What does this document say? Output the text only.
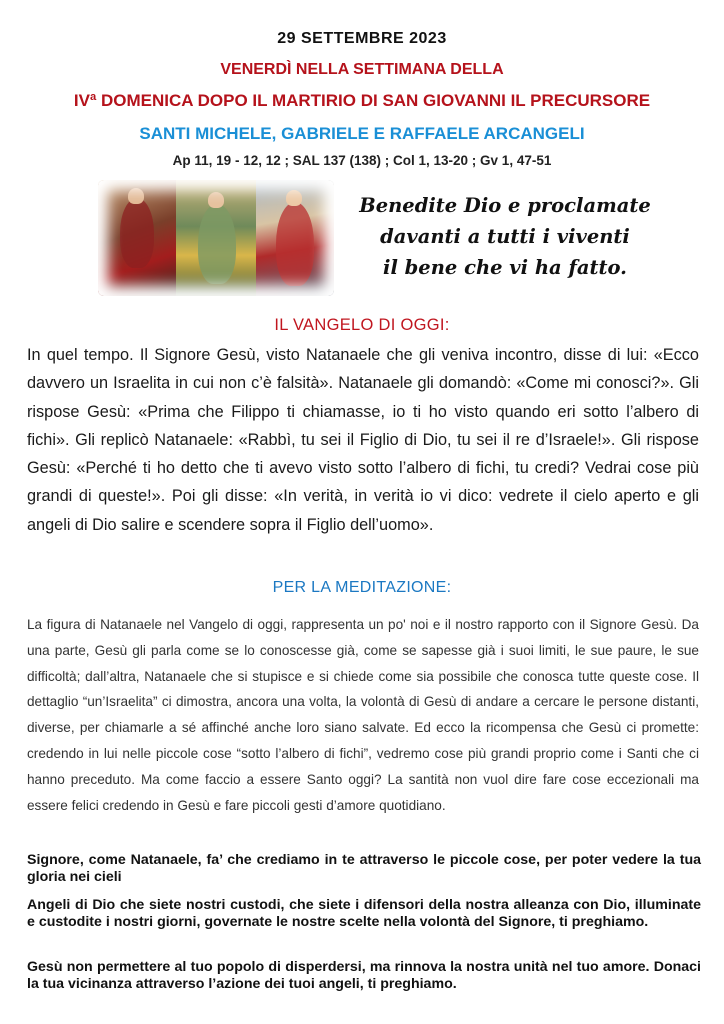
29 SETTEMBRE 2023
VENERDÌ NELLA SETTIMANA DELLA
IVª DOMENICA DOPO IL MARTIRIO DI SAN GIOVANNI IL PRECURSORE
SANTI MICHELE, GABRIELE E RAFFAELE ARCANGELI
Ap 11, 19 - 12, 12 ; SAL 137 (138) ; Col 1, 13-20 ; Gv 1, 47-51
Benedite Dio e proclamate
davanti a tutti i viventi
il bene che vi ha fatto.
IL VANGELO DI OGGI:
In quel tempo. Il Signore Gesù, visto Natanaele che gli veniva incontro, disse di lui: «Ecco davvero un Israelita in cui non c’è falsità». Natanaele gli domandò: «Come mi conosci?». Gli rispose Gesù: «Prima che Filippo ti chiamasse, io ti ho visto quando eri sotto l’albero di fichi». Gli replicò Natanaele: «Rabbì, tu sei il Figlio di Dio, tu sei il re d’Israele!». Gli rispose Gesù: «Perché ti ho detto che ti avevo visto sotto l’albero di fichi, tu credi? Vedrai cose più grandi di queste!». Poi gli disse: «In verità, in verità io vi dico: vedrete il cielo aperto e gli angeli di Dio salire e scendere sopra il Figlio dell’uomo».
PER LA MEDITAZIONE:
La figura di Natanaele nel Vangelo di oggi, rappresenta un po' noi e il nostro rapporto con il Signore Gesù. Da una parte, Gesù gli parla come se lo conoscesse già, come se sapesse già i suoi limiti, le sue paure, le sue difficoltà; dall’altra, Natanaele che si stupisce e si chiede come sia possibile che conosca tutte queste cose. Il dettaglio “un’Israelita” ci dimostra, ancora una volta, la volontà di Gesù di andare a cercare le persone distanti, diverse, per chiamarle a sé affinché anche loro siano salvate. Ed ecco la ricompensa che Gesù ci promette: credendo in lui nelle piccole cose “sotto l’albero di fichi”, vedremo cose più grandi proprio come i Santi che ci hanno preceduto. Ma come faccio a essere Santo oggi? La santità non vuol dire fare cose eccezionali ma essere felici credendo in Gesù e fare piccoli gesti d’amore quotidiano.
Signore, come Natanaele, fa’ che crediamo in te attraverso le piccole cose, per poter vedere la tua gloria nei cieli
Angeli di Dio che siete nostri custodi, che siete i difensori della nostra alleanza con Dio, illuminate e custodite i nostri giorni, governate le nostre scelte nella volontà del Signore, ti preghiamo.
Gesù non permettere al tuo popolo di disperdersi, ma rinnova la nostra unità nel tuo amore. Donaci la tua vicinanza attraverso l’azione dei tuoi angeli, ti preghiamo.
